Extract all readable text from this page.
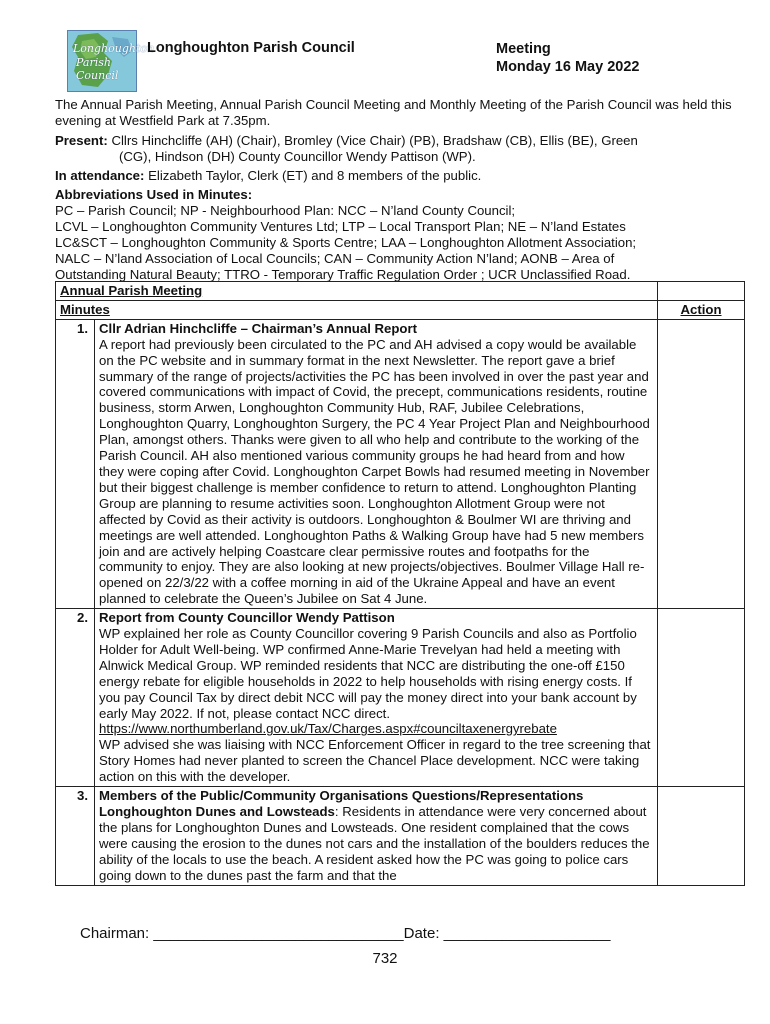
Longhoughton
Parish
Council
Longhoughton Parish Council	Meeting
Monday 16 May 2022

The Annual Parish Meeting, Annual Parish Council Meeting and Monthly Meeting of the Parish Council was held this evening at Westfield Park at 7.35pm.

Present: Cllrs Hinchcliffe (AH) (Chair), Bromley (Vice Chair) (PB), Bradshaw (CB), Ellis (BE), Green

(CG), Hindson (DH) County Councillor Wendy Pattison (WP).

In attendance: Elizabeth Taylor, Clerk (ET) and 8 members of the public.

Abbreviations Used in Minutes:

PC – Parish Council; NP - Neighbourhood Plan: NCC – N’land County Council;

LCVL – Longhoughton Community Ventures Ltd; LTP – Local Transport Plan; NE – N’land Estates

LC&SCT – Longhoughton Community & Sports Centre; LAA – Longhoughton Allotment Association;

NALC – N’land Association of Local Councils; CAN – Community Action N’land; AONB – Area of

Outstanding Natural Beauty; TTRO - Temporary Traffic Regulation Order ; UCR Unclassified Road.

Annual Parish Meeting		
Minutes		Action
1.	Cllr Adrian Hinchcliffe – Chairman’s Annual Report
A report had previously been circulated to the PC and AH advised a copy would be available on the PC website and in summary format in the next Newsletter. The report gave a brief summary of the range of projects/activities the PC has been involved in over the past year and covered communications with impact of Covid, the precept, communications residents, routine business, storm Arwen, Longhoughton Community Hub, RAF, Jubilee Celebrations, Longhoughton Quarry, Longhoughton Surgery, the PC 4 Year Project Plan and Neighbourhood Plan, amongst others. Thanks were given to all who help and contribute to the working of the Parish Council. AH also mentioned various community groups he had heard from and how they were coping after Covid. Longhoughton Carpet Bowls had resumed meeting in November but their biggest challenge is member confidence to return to attend. Longhoughton Planting Group are planning to resume activities soon. Longhoughton Allotment Group were not affected by Covid as their activity is outdoors. Longhoughton & Boulmer WI are thriving and meetings are well attended. Longhoughton Paths & Walking Group have had 5 new members join and are actively helping Coastcare clear permissive routes and footpaths for the community to enjoy. They are also looking at new projects/objectives. Boulmer Village Hall re-opened on 22/3/22 with a coffee morning in aid of the Ukraine Appeal and have an event planned to celebrate the Queen’s Jubilee on Sat 4 June.	

2.	Report from County Councillor Wendy Pattison
WP explained her role as County Councillor covering 9 Parish Councils and also as Portfolio Holder for Adult Well-being. WP confirmed Anne-Marie Trevelyan had held a meeting with Alnwick Medical Group. WP reminded residents that NCC are distributing the one-off £150 energy rebate for eligible households in 2022 to help households with rising energy costs. If you pay Council Tax by direct debit NCC will pay the money direct into your bank account by early May 2022. If not, please contact NCC direct.
https://www.northumberland.gov.uk/Tax/Charges.aspx#counciltaxenergyrebate
WP advised she was liaising with NCC Enforcement Officer in regard to the tree screening that Story Homes had never planted to screen the Chancel Place development. NCC were taking action on this with the developer.	

3.	Members of the Public/Community Organisations Questions/Representations
Longhoughton Dunes and Lowsteads: Residents in attendance were very concerned about the plans for Longhoughton Dunes and Lowsteads. One resident complained that the cows were causing the erosion to the dunes not cars and the installation of the boulders reduces the ability of the locals to use the beach. A resident asked how the PC was going to police cars going down to the dunes past the farm and that the	

Chairman: ______________________________Date: ____________________
732
